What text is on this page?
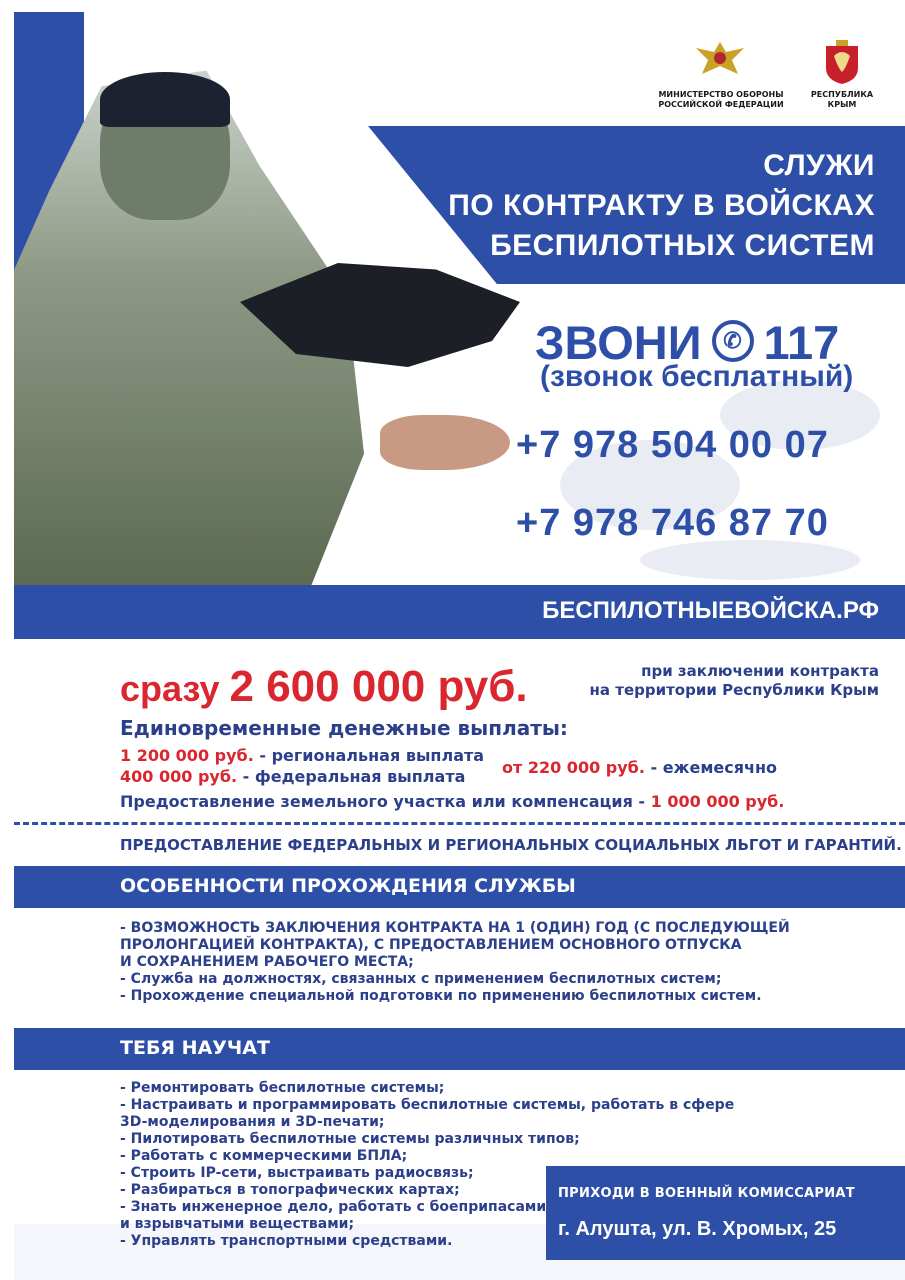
МИНИСТЕРСТВО ОБОРОНЫ
РОССИЙСКОЙ ФЕДЕРАЦИИ
РЕСПУБЛИКА
КРЫМ
СЛУЖИ
ПО КОНТРАКТУ В ВОЙСКАХ
БЕСПИЛОТНЫХ СИСТЕМ
ЗВОНИ ✆ 117
(звонок бесплатный)
+7 978 504 00 07
+7 978 746 87 70
БЕСПИЛОТНЫЕВОЙСКА.РФ
сразу 2 600 000 руб.	при заключении контракта
на территории Республики Крым
Единовременные денежные выплаты:
1 200 000 руб. - региональная выплата
400 000 руб. - федеральная выплата от 220 000 руб. - ежемесячно
Предоставление земельного участка или компенсация - 1 000 000 руб.
ПРЕДОСТАВЛЕНИЕ ФЕДЕРАЛЬНЫХ И РЕГИОНАЛЬНЫХ СОЦИАЛЬНЫХ ЛЬГОТ И ГАРАНТИЙ.
ОСОБЕННОСТИ ПРОХОЖДЕНИЯ СЛУЖБЫ
- ВОЗМОЖНОСТЬ ЗАКЛЮЧЕНИЯ КОНТРАКТА НА 1 (ОДИН) ГОД (С ПОСЛЕДУЮЩЕЙ
ПРОЛОНГАЦИЕЙ КОНТРАКТА), С ПРЕДОСТАВЛЕНИЕМ ОСНОВНОГО ОТПУСКА
И СОХРАНЕНИЕМ РАБОЧЕГО МЕСТА;
- Служба на должностях, связанных с применением беспилотных систем;
- Прохождение специальной подготовки по применению беспилотных систем.
ТЕБЯ НАУЧАТ
- Ремонтировать беспилотные системы;
- Настраивать и программировать беспилотные системы, работать в сфере
3D-моделирования и 3D-печати;
- Пилотировать беспилотные системы различных типов;
- Работать с коммерческими БПЛА;
- Строить IP-сети, выстраивать радиосвязь;
- Разбираться в топографических картах;
- Знать инженерное дело, работать с боеприпасами
и взрывчатыми веществами;
- Управлять транспортными средствами.
ПРИХОДИ В ВОЕННЫЙ КОМИССАРИАТ
г. Алушта, ул. В. Хромых, 25
